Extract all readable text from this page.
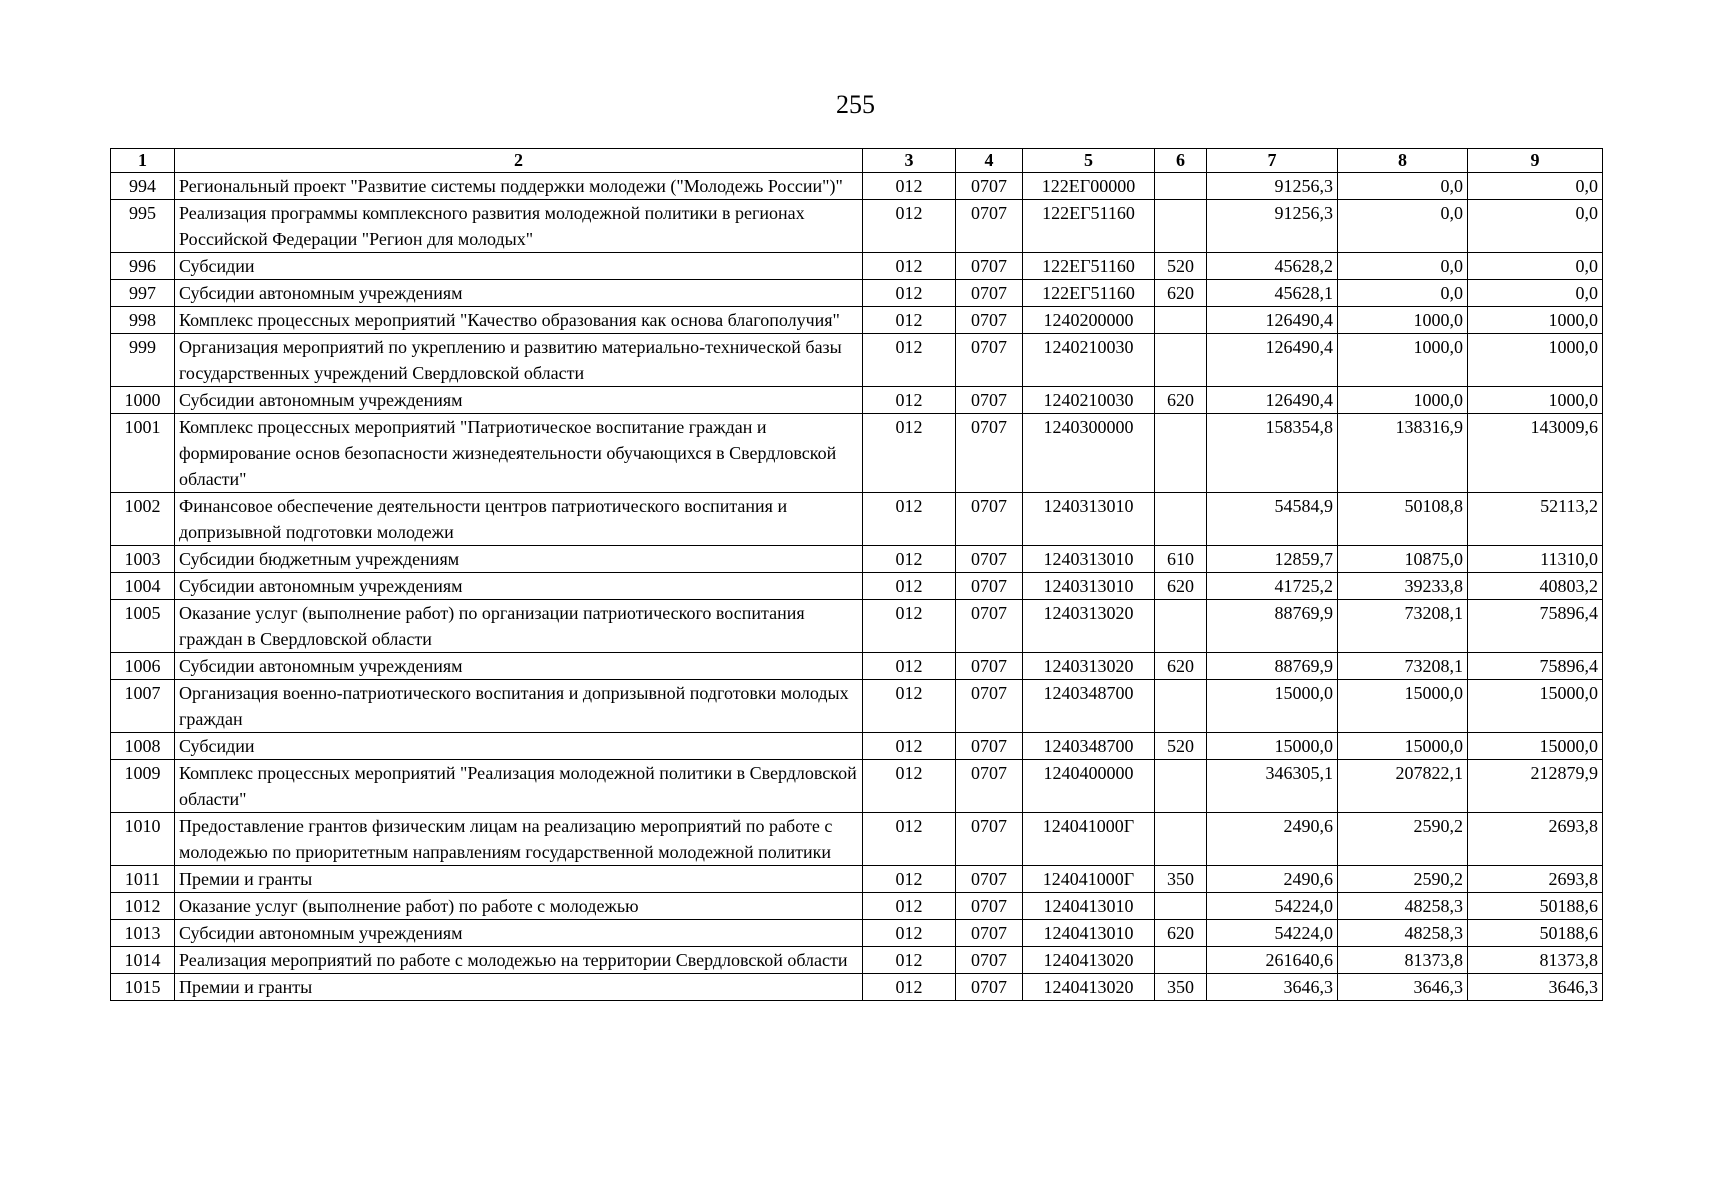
255
1	2	3	4	5	6	7	8	9
994	Региональный проект "Развитие системы поддержки молодежи ("Молодежь России")"	012	0707	122ЕГ00000		91256,3	0,0	0,0
995	Реализация программы комплексного развития молодежной политики в регионах Российской Федерации "Регион для молодых"	012	0707	122ЕГ51160		91256,3	0,0	0,0
996	Субсидии	012	0707	122ЕГ51160	520	45628,2	0,0	0,0
997	Субсидии автономным учреждениям	012	0707	122ЕГ51160	620	45628,1	0,0	0,0
998	Комплекс процессных мероприятий "Качество образования как основа благополучия"	012	0707	1240200000		126490,4	1000,0	1000,0
999	Организация мероприятий по укреплению и развитию материально-технической базы государственных учреждений Свердловской области	012	0707	1240210030		126490,4	1000,0	1000,0
1000	Субсидии автономным учреждениям	012	0707	1240210030	620	126490,4	1000,0	1000,0
1001	Комплекс процессных мероприятий "Патриотическое воспитание граждан и формирование основ безопасности жизнедеятельности обучающихся в Свердловской области"	012	0707	1240300000		158354,8	138316,9	143009,6
1002	Финансовое обеспечение деятельности центров патриотического воспитания и допризывной подготовки молодежи	012	0707	1240313010		54584,9	50108,8	52113,2
1003	Субсидии бюджетным учреждениям	012	0707	1240313010	610	12859,7	10875,0	11310,0
1004	Субсидии автономным учреждениям	012	0707	1240313010	620	41725,2	39233,8	40803,2
1005	Оказание услуг (выполнение работ) по организации патриотического воспитания граждан в Свердловской области	012	0707	1240313020		88769,9	73208,1	75896,4
1006	Субсидии автономным учреждениям	012	0707	1240313020	620	88769,9	73208,1	75896,4
1007	Организация военно-патриотического воспитания и допризывной подготовки молодых граждан	012	0707	1240348700		15000,0	15000,0	15000,0
1008	Субсидии	012	0707	1240348700	520	15000,0	15000,0	15000,0
1009	Комплекс процессных мероприятий "Реализация молодежной политики в Свердловской области"	012	0707	1240400000		346305,1	207822,1	212879,9
1010	Предоставление грантов физическим лицам на реализацию мероприятий по работе с молодежью по приоритетным направлениям государственной молодежной политики	012	0707	124041000Г		2490,6	2590,2	2693,8
1011	Премии и гранты	012	0707	124041000Г	350	2490,6	2590,2	2693,8
1012	Оказание услуг (выполнение работ) по работе с молодежью	012	0707	1240413010		54224,0	48258,3	50188,6
1013	Субсидии автономным учреждениям	012	0707	1240413010	620	54224,0	48258,3	50188,6
1014	Реализация мероприятий по работе с молодежью на территории Свердловской области	012	0707	1240413020		261640,6	81373,8	81373,8
1015	Премии и гранты	012	0707	1240413020	350	3646,3	3646,3	3646,3
